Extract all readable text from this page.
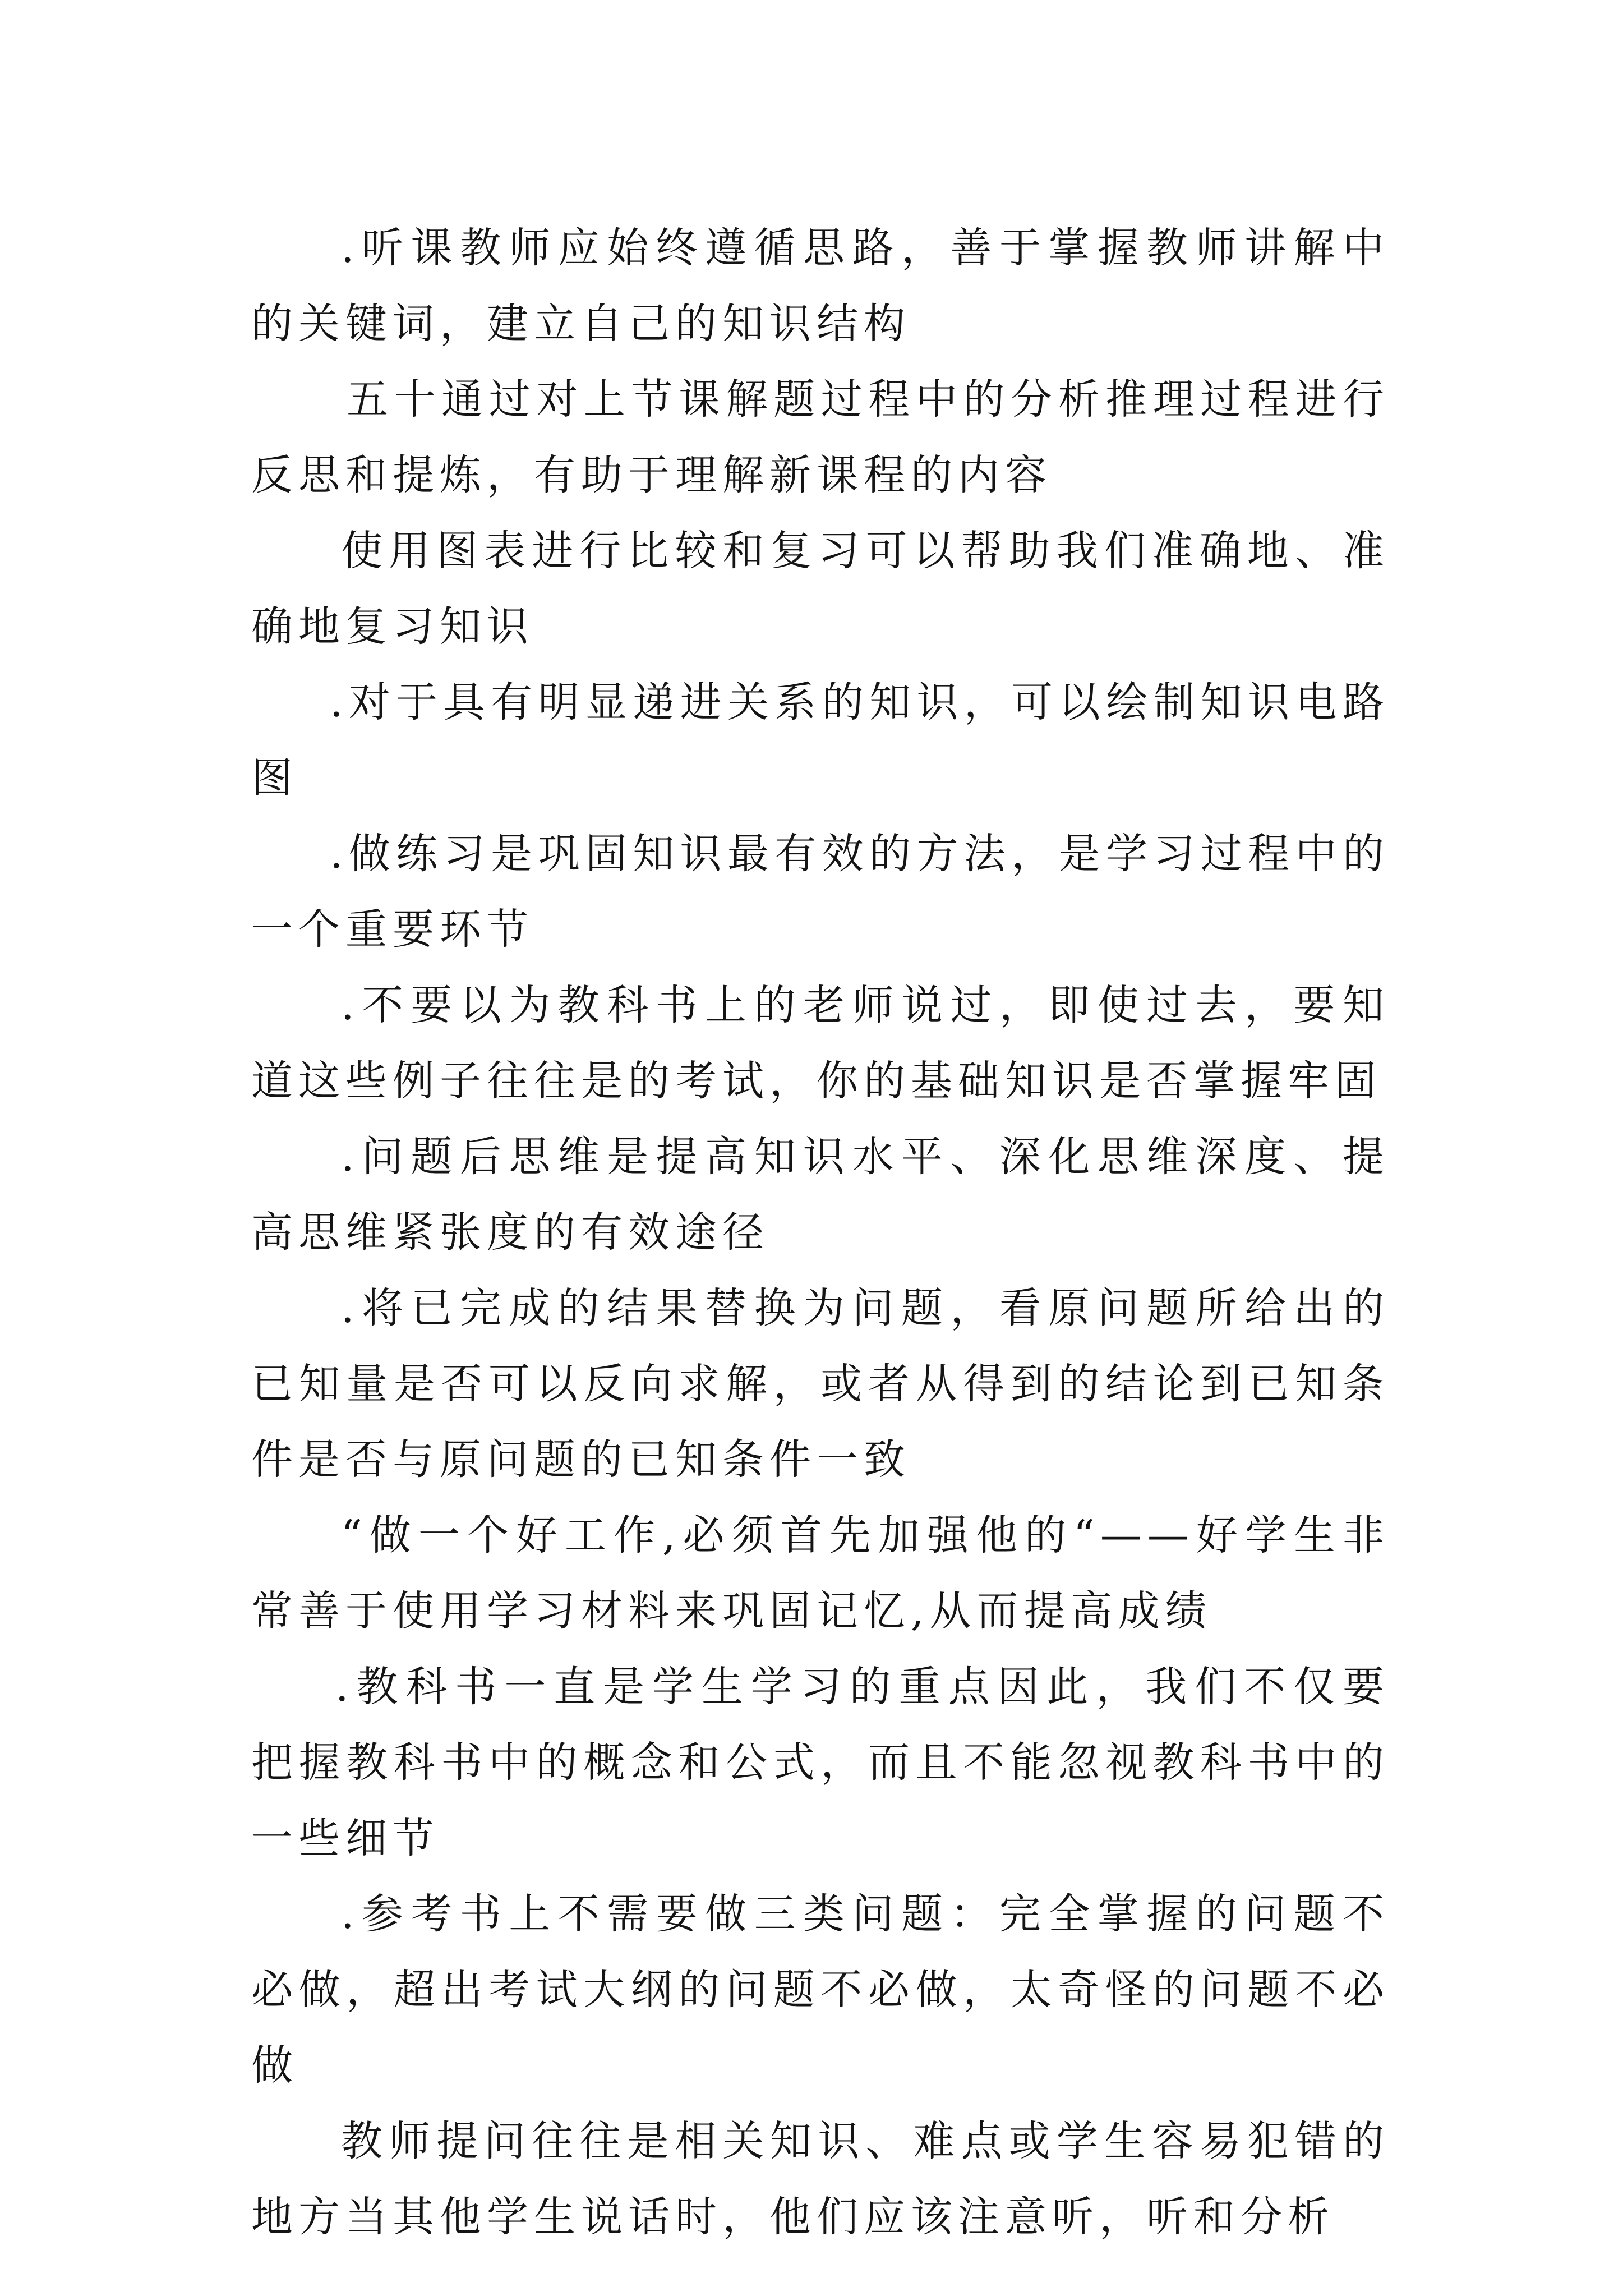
.听课教师应始终遵循思路，善于掌握教师讲解中的关键词，建立自己的知识结构

五十通过对上节课解题过程中的分析推理过程进行反思和提炼，有助于理解新课程的内容

使用图表进行比较和复习可以帮助我们准确地、准确地复习知识

.对于具有明显递进关系的知识，可以绘制知识电路图

.做练习是巩固知识最有效的方法，是学习过程中的一个重要环节

.不要以为教科书上的老师说过，即使过去，要知道这些例子往往是的考试，你的基础知识是否掌握牢固

.问题后思维是提高知识水平、深化思维深度、提高思维紧张度的有效途径

.将已完成的结果替换为问题，看原问题所给出的已知量是否可以反向求解，或者从得到的结论到已知条件是否与原问题的已知条件一致

“做一个好工作,必须首先加强他的“——好学生非常善于使用学习材料来巩固记忆,从而提高成绩

.教科书一直是学生学习的重点因此，我们不仅要把握教科书中的概念和公式，而且不能忽视教科书中的一些细节

.参考书上不需要做三类问题：完全掌握的问题不必做，超出考试大纲的问题不必做，太奇怪的问题不必做

教师提问往往是相关知识、难点或学生容易犯错的地方当其他学生说话时，他们应该注意听，听和分析
